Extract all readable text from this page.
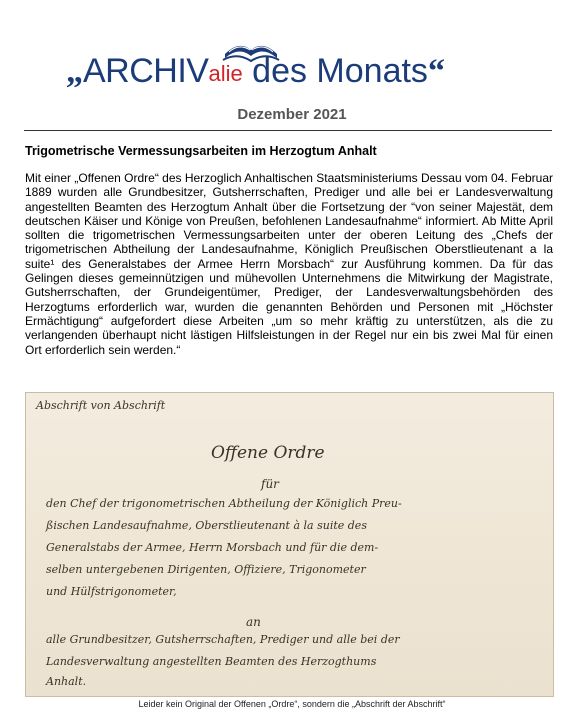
„ARCHIValie des Monats“
Dezember 2021
Trigometrische Vermessungsarbeiten im Herzogtum Anhalt
Mit einer „Offenen Ordre“ des Herzoglich Anhaltischen Staatsministeriums Dessau vom 04. Februar 1889 wurden alle Grundbesitzer, Gutsherrschaften, Prediger und alle bei er Landesverwaltung angestellten Beamten des Herzogtum Anhalt über die Fortsetzung der “von seiner Majestät, dem deutschen Käiser und Könige von Preußen, befohlenen Landesaufnahme“ informiert. Ab Mitte April sollten die trigometrischen Vermessungsarbeiten unter der oberen Leitung des „Chefs der trigometrischen Abtheilung der Landesaufnahme, Königlich Preußischen Oberstlieutenant a la suite¹ des Generalstabes der Armee Herrn Morsbach“ zur Ausführung kommen. Da für das Gelingen dieses gemeinnützigen und mühevollen Unternehmens die Mitwirkung der Magistrate, Gutsherrschaften, der Grundeigentümer, Prediger, der Landesverwaltungsbehörden des Herzogtums erforderlich war, wurden die genannten Behörden und Personen mit „Höchster Ermächtigung“ aufgefordert diese Arbeiten „um so mehr kräftig zu unterstützen, als die zu verlangenden überhaupt nicht lästigen Hilfsleistungen in der Regel nur ein bis zwei Mal für einen Ort erforderlich sein werden.“
Abschrift von Abschrift
Offene Ordre
für
den Chef der trigonometrischen Abtheilung der Königlich Preu-
ßischen Landesaufnahme, Oberstlieutenant à la suite des
Generalstabs der Armee, Herrn Morsbach und für die dem-
selben untergebenen Dirigenten, Offiziere, Trigonometer
und Hülfstrigonometer,
an
alle Grundbesitzer, Gutsherrschaften, Prediger und alle bei der
Landesverwaltung angestellten Beamten des Herzogthums
Anhalt.
Leider kein Original der Offenen „Ordre“, sondern die „Abschrift der Abschrift“
